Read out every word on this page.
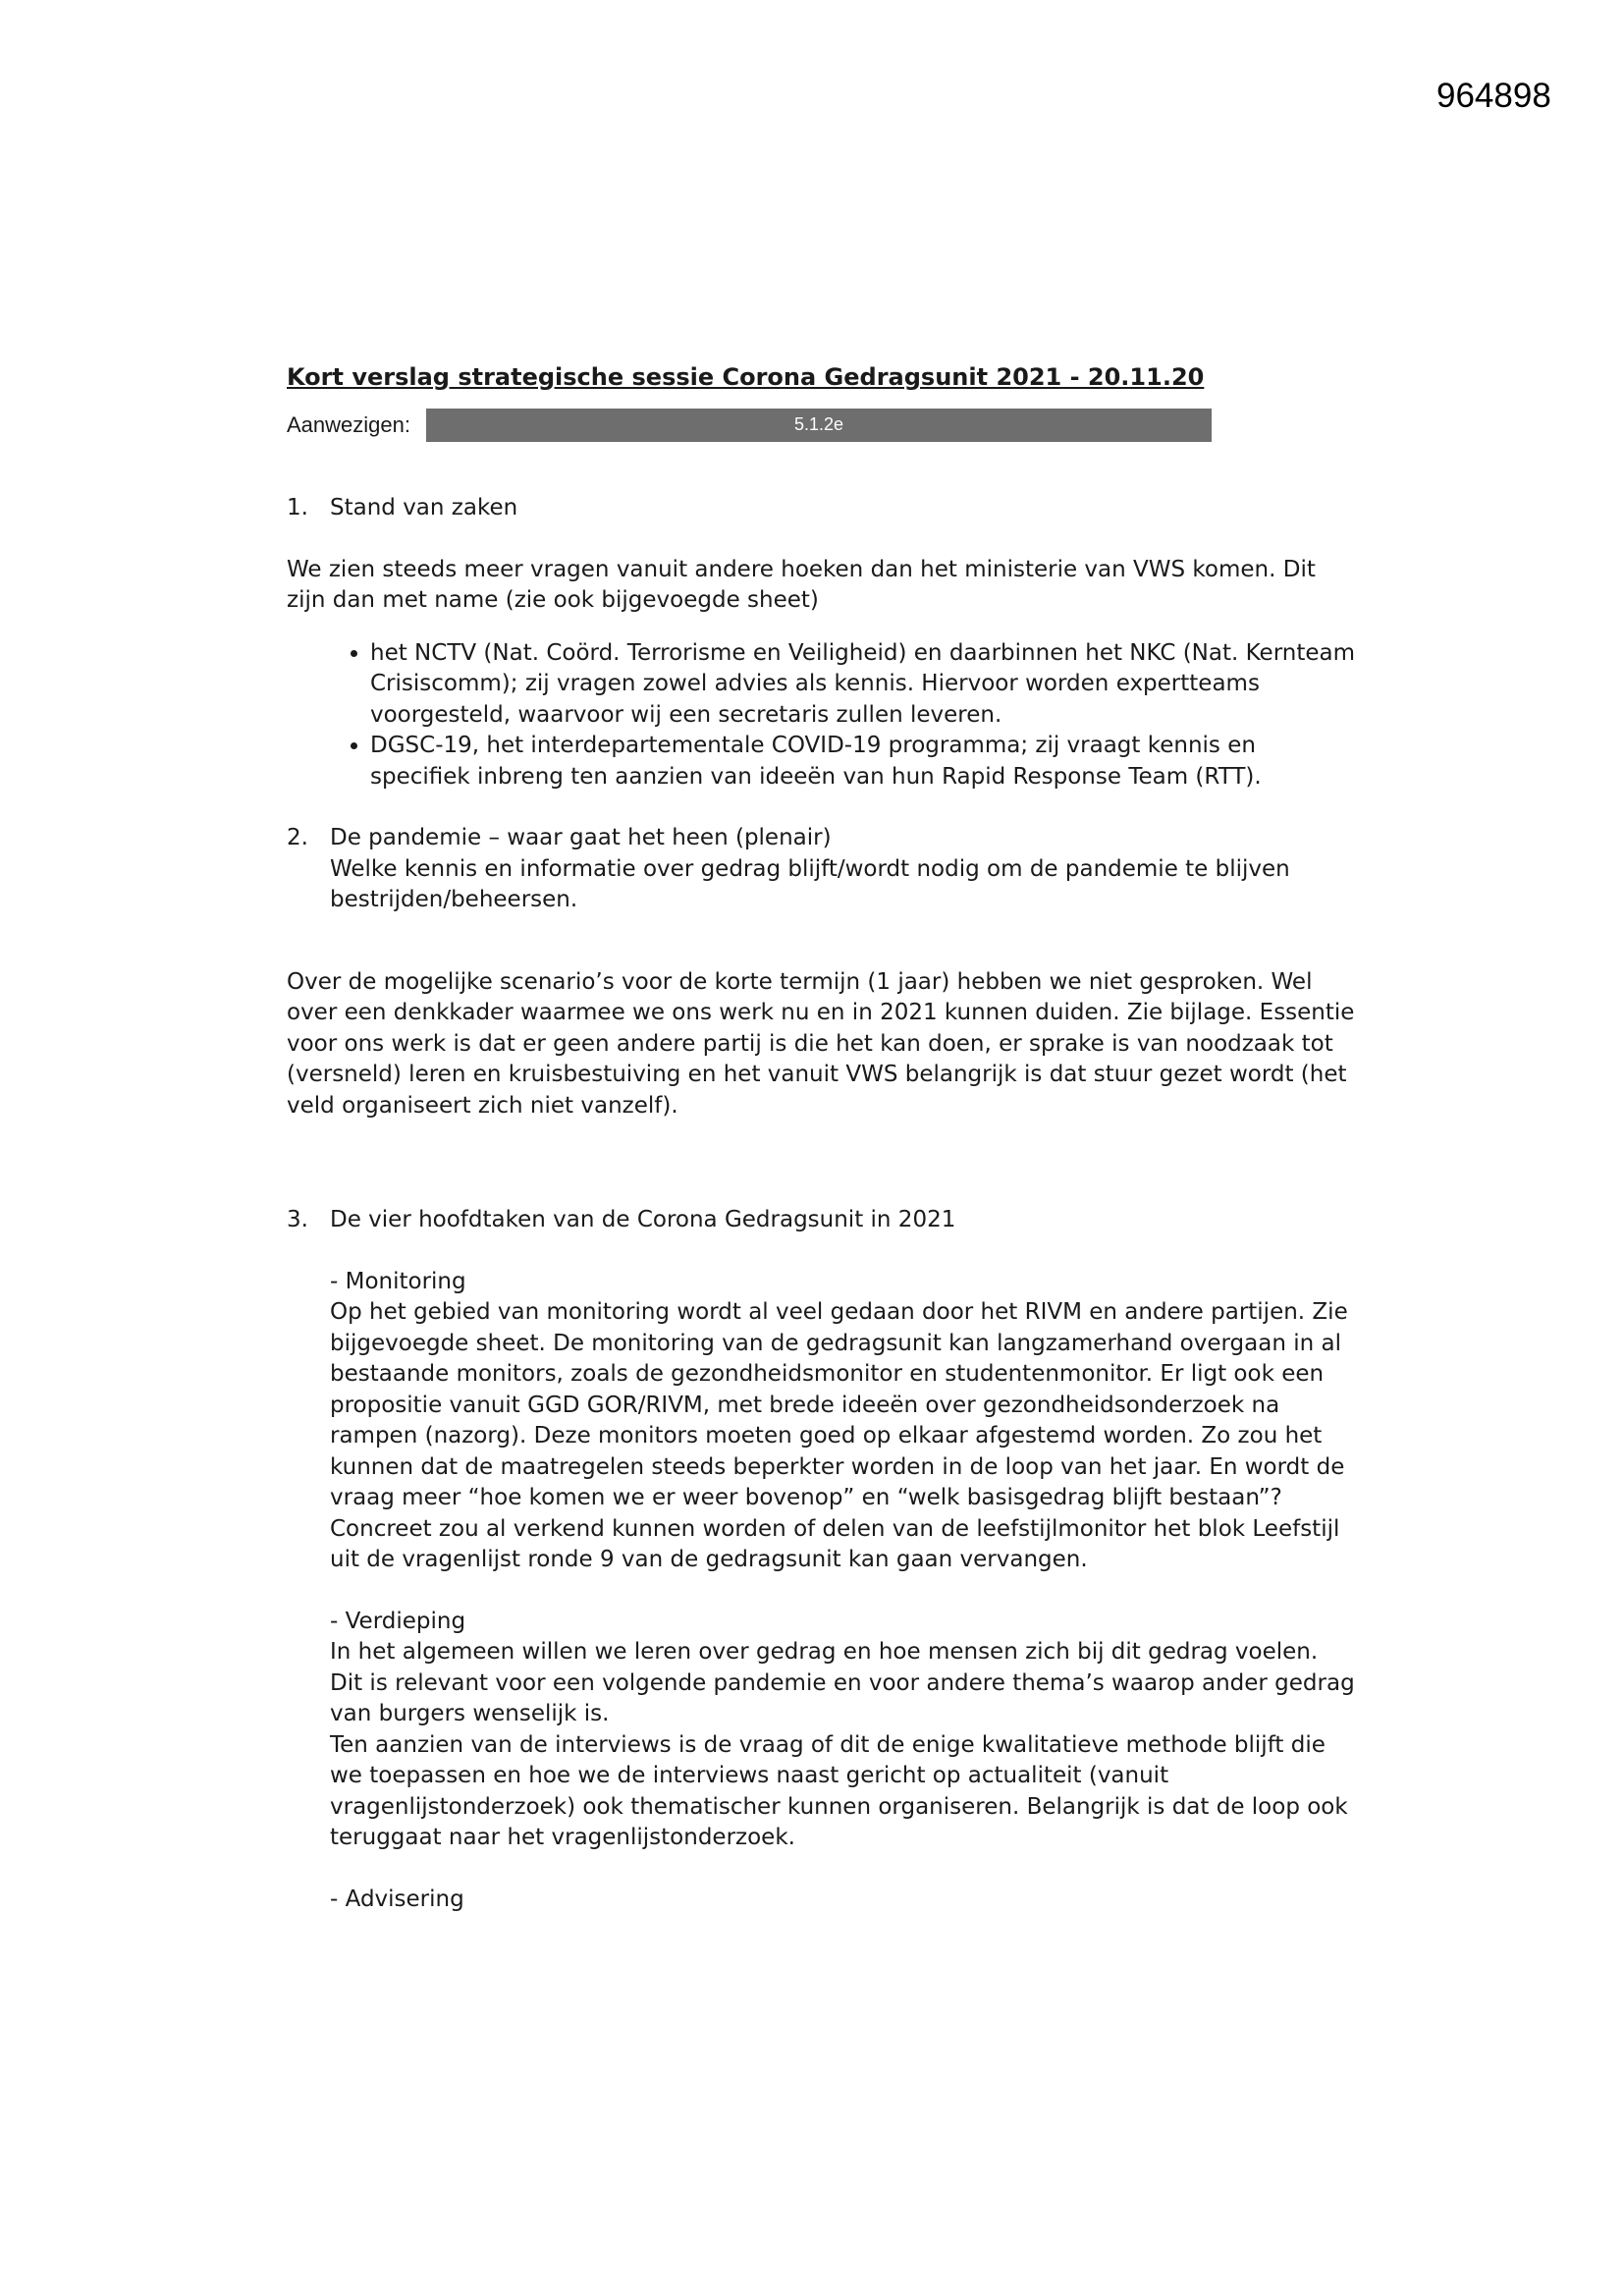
964898
Kort verslag strategische sessie Corona Gedragsunit 2021 - 20.11.20
Aanwezigen:	5.1.2e
1. Stand van zaken

We zien steeds meer vragen vanuit andere hoeken dan het ministerie van VWS komen. Dit zijn dan met name (zie ook bijgevoegde sheet)

• het NCTV (Nat. Coörd. Terrorisme en Veiligheid) en daarbinnen het NKC (Nat. Kernteam Crisiscomm); zij vragen zowel advies als kennis. Hiervoor worden expertteams voorgesteld, waarvoor wij een secretaris zullen leveren.
• DGSC-19, het interdepartementale COVID-19 programma; zij vraagt kennis en specifiek inbreng ten aanzien van ideeën van hun Rapid Response Team (RTT).
2. De pandemie – waar gaat het heen (plenair)

Welke kennis en informatie over gedrag blijft/wordt nodig om de pandemie te blijven bestrijden/beheersen.

Over de mogelijke scenario’s voor de korte termijn (1 jaar) hebben we niet gesproken. Wel over een denkkader waarmee we ons werk nu en in 2021 kunnen duiden. Zie bijlage. Essentie voor ons werk is dat er geen andere partij is die het kan doen, er sprake is van noodzaak tot (versneld) leren en kruisbestuiving en het vanuit VWS belangrijk is dat stuur gezet wordt (het veld organiseert zich niet vanzelf).

3. De vier hoofdtaken van de Corona Gedragsunit in 2021

- Monitoring

Op het gebied van monitoring wordt al veel gedaan door het RIVM en andere partijen. Zie bijgevoegde sheet. De monitoring van de gedragsunit kan langzamerhand overgaan in al bestaande monitors, zoals de gezondheidsmonitor en studentenmonitor. Er ligt ook een propositie vanuit GGD GOR/RIVM, met brede ideeën over gezondheidsonderzoek na rampen (nazorg). Deze monitors moeten goed op elkaar afgestemd worden. Zo zou het kunnen dat de maatregelen steeds beperkter worden in de loop van het jaar. En wordt de vraag meer “hoe komen we er weer bovenop” en “welk basisgedrag blijft bestaan”? Concreet zou al verkend kunnen worden of delen van de leefstijlmonitor het blok Leefstijl uit de vragenlijst ronde 9 van de gedragsunit kan gaan vervangen.

- Verdieping

In het algemeen willen we leren over gedrag en hoe mensen zich bij dit gedrag voelen. Dit is relevant voor een volgende pandemie en voor andere thema’s waarop ander gedrag van burgers wenselijk is.

Ten aanzien van de interviews is de vraag of dit de enige kwalitatieve methode blijft die we toepassen en hoe we de interviews naast gericht op actualiteit (vanuit vragenlijstonderzoek) ook thematischer kunnen organiseren. Belangrijk is dat de loop ook teruggaat naar het vragenlijstonderzoek.

- Advisering
